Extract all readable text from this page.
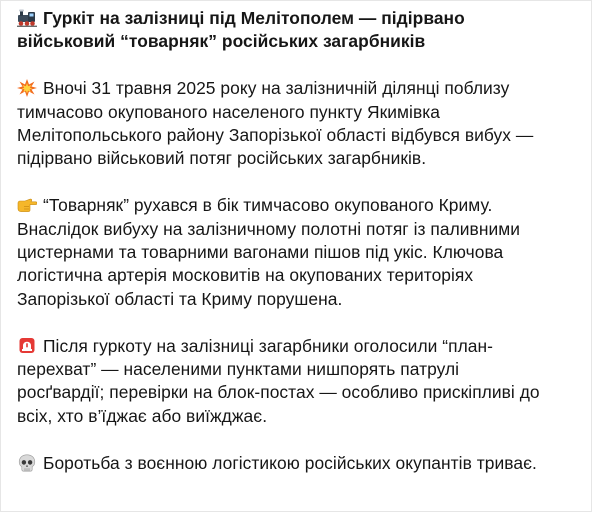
Гуркіт на залізниці під Мелітополем — підірвано
військовий “товарняк” російських загарбників
Вночі 31 травня 2025 року на залізничній ділянці поблизу
тимчасово окупованого населеного пункту Якимівка
Мелітопольського району Запорізької області відбувся вибух —
підірвано військовий потяг російських загарбників.
“Товарняк” рухався в бік тимчасово окупованого Криму.
Внаслідок вибуху на залізничному полотні потяг із паливними
цистернами та товарними вагонами пішов під укіс. Ключова
логістична артерія московитів на окупованих територіях
Запорізької області та Криму порушена.
Після гуркоту на залізниці загарбники оголосили “план-
перехват” — населеними пунктами нишпорять патрулі
росґвардії; перевірки на блок-постах — особливо прискіпливі до
всіх, хто в’їджає або виїжджає.
Боротьба з воєнною логістикою російських окупантів триває.
